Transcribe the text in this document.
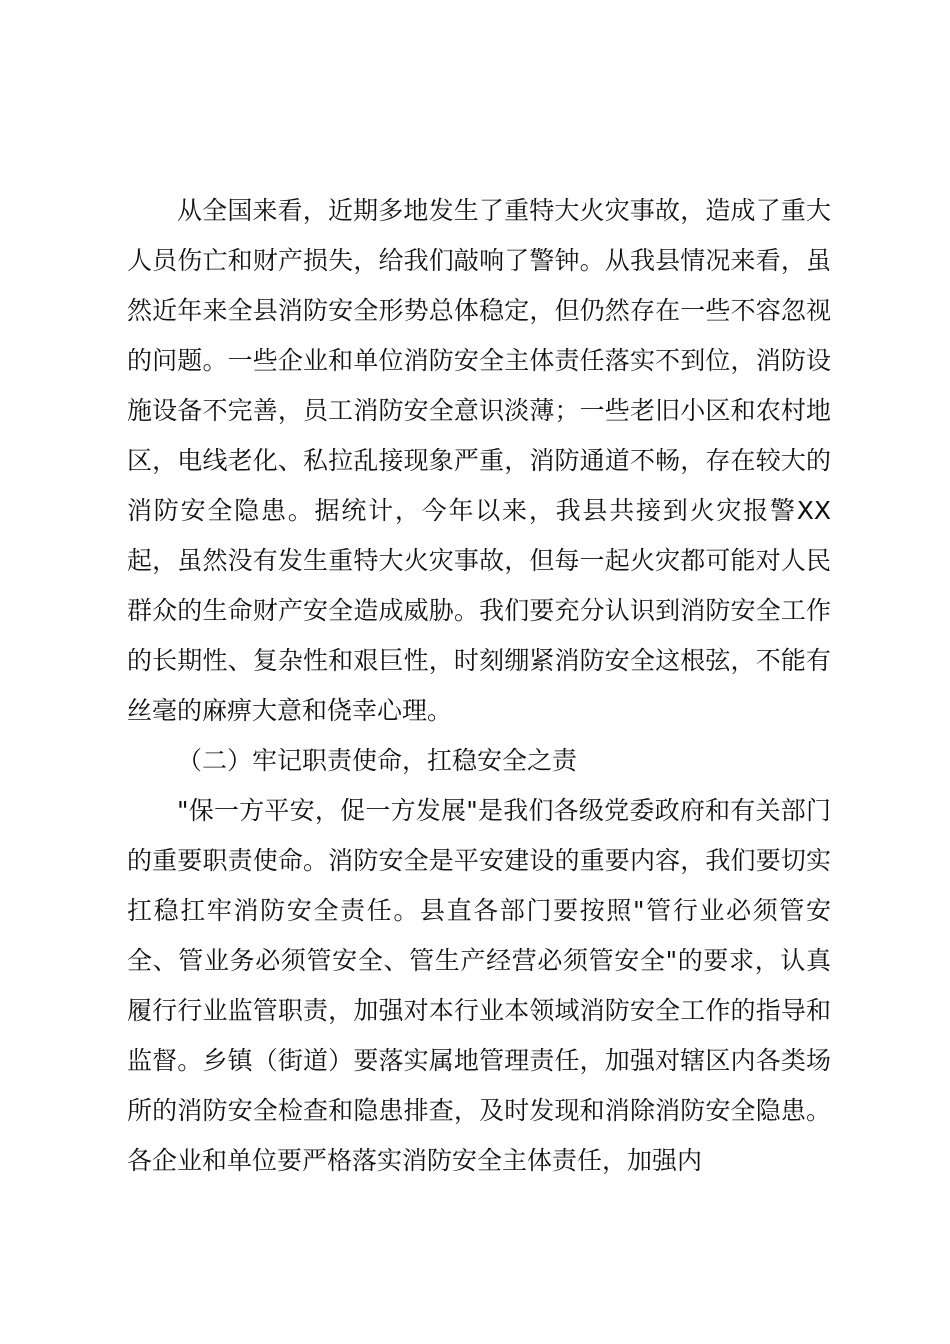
从全国来看，近期多地发生了重特大火灾事故，造成了重大人员伤亡和财产损失，给我们敲响了警钟。从我县情况来看，虽然近年来全县消防安全形势总体稳定，但仍然存在一些不容忽视的问题。一些企业和单位消防安全主体责任落实不到位，消防设施设备不完善，员工消防安全意识淡薄；一些老旧小区和农村地区，电线老化、私拉乱接现象严重，消防通道不畅，存在较大的消防安全隐患。据统计，今年以来，我县共接到火灾报警XX起，虽然没有发生重特大火灾事故，但每一起火灾都可能对人民群众的生命财产安全造成威胁。我们要充分认识到消防安全工作的长期性、复杂性和艰巨性，时刻绷紧消防安全这根弦，不能有丝毫的麻痹大意和侥幸心理。

（二）牢记职责使命，扛稳安全之责

"保一方平安，促一方发展"是我们各级党委政府和有关部门的重要职责使命。消防安全是平安建设的重要内容，我们要切实扛稳扛牢消防安全责任。县直各部门要按照"管行业必须管安全、管业务必须管安全、管生产经营必须管安全"的要求，认真履行行业监管职责，加强对本行业本领域消防安全工作的指导和监督。乡镇（街道）要落实属地管理责任，加强对辖区内各类场所的消防安全检查和隐患排查，及时发现和消除消防安全隐患。各企业和单位要严格落实消防安全主体责任，加强内
